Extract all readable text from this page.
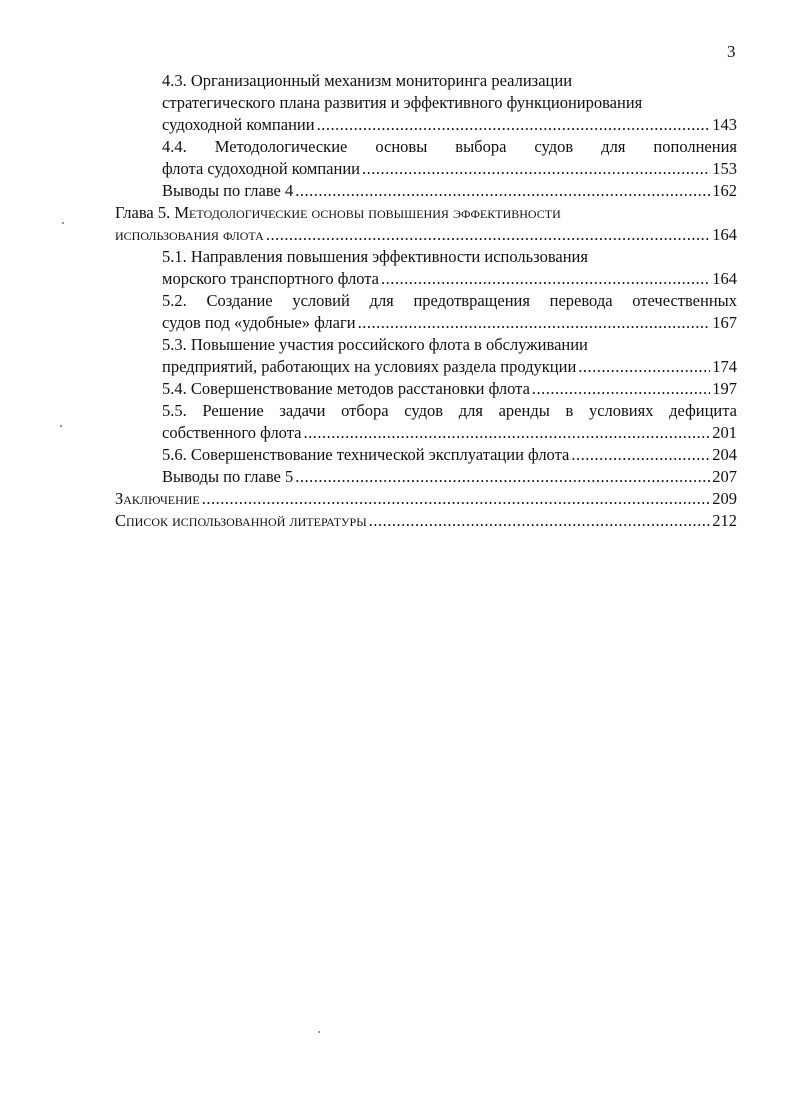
3
4.3. Организационный механизм мониторинга реализации
стратегического плана развития и эффективного функционирования
судоходной компании .....	143
4.4. Методологические основы выбора судов для пополнения
флота судоходной компании .....	153
Выводы по главе 4 .....	162
Глава 5. Методологические основы повышения эффективности
использования флота .....	164
5.1. Направления повышения эффективности использования
морского транспортного флота .....	164
5.2. Создание условий для предотвращения перевода отечественных
судов под «удобные» флаги .....	167
5.3. Повышение участия российского флота в обслуживании
предприятий, работающих на условиях раздела продукции .....	174
5.4. Совершенствование методов расстановки флота .....	197
5.5. Решение задачи отбора судов для аренды в условиях дефицита
собственного флота .....	201
5.6. Совершенствование технической эксплуатации флота .....	204
Выводы по главе 5 .....	207
Заключение .....	209
Список использованной литературы .....	212
